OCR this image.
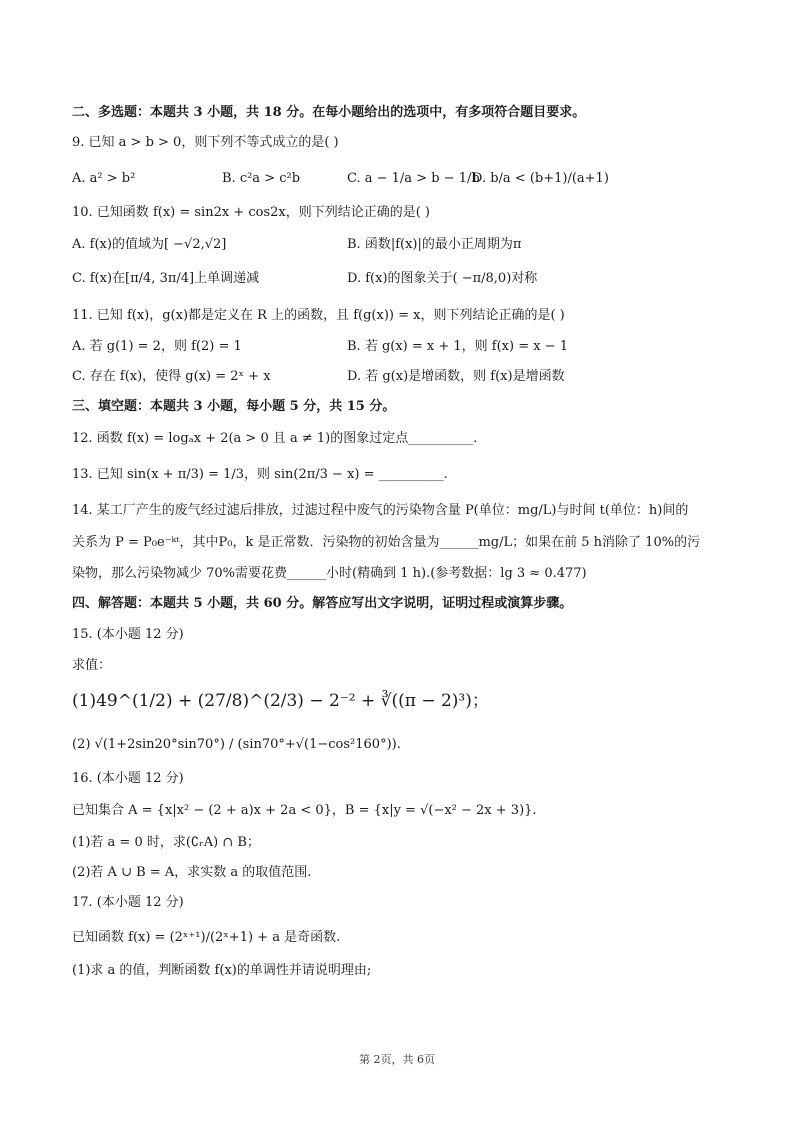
二、多选题：本题共 3 小题，共 18 分。在每小题给出的选项中，有多项符合题目要求。
9. 已知 a > b > 0，则下列不等式成立的是( )
A. a² > b²	B. c²a > c²b	C. a − 1/a > b − 1/b
D. b/a < (b+1)/(a+1)
10. 已知函数 f(x) = sin2x + cos2x，则下列结论正确的是( )
A. f(x)的值域为[ −√2,√2]	B. 函数|f(x)|的最小正周期为π
C. f(x)在[π/4, 3π/4]上单调递减	D. f(x)的图象关于( −π/8,0)对称
11. 已知 f(x)，g(x)都是定义在 R 上的函数，且 f(g(x)) = x，则下列结论正确的是( )
A. 若 g(1) = 2，则 f(2) = 1	B. 若 g(x) = x + 1，则 f(x) = x − 1
C. 存在 f(x)，使得 g(x) = 2ˣ + x	D. 若 g(x)是增函数，则 f(x)是增函数
三、填空题：本题共 3 小题，每小题 5 分，共 15 分。
12. 函数 f(x) = logₐx + 2(a > 0 且 a ≠ 1)的图象过定点__________.
13. 已知 sin(x + π/3) = 1/3，则 sin(2π/3 − x) = __________.
14. 某工厂产生的废气经过滤后排放，过滤过程中废气的污染物含量 P(单位：mg/L)与时间 t(单位：h)间的
关系为 P = P₀e⁻ᵏᵗ，其中P₀，k 是正常数．污染物的初始含量为______mg/L；如果在前 5 h消除了 10%的污
染物，那么污染物减少 70%需要花费______小时(精确到 1 h).(参考数据：lg 3 ≈ 0.477)
四、解答题：本题共 5 小题，共 60 分。解答应写出文字说明，证明过程或演算步骤。
15. (本小题 12 分)
求值：
(1)49^(1/2) + (27/8)^(2/3) − 2⁻² + ∛((π − 2)³)；
(2) √(1+2sin20°sin70°) / (sin70°+√(1−cos²160°)).
16. (本小题 12 分)
已知集合 A = {x|x² − (2 + a)x + 2a < 0}，B = {x|y = √(−x² − 2x + 3)}.
(1)若 a = 0 时，求(∁ᵣA) ∩ B；
(2)若 A ∪ B = A，求实数 a 的取值范围.
17. (本小题 12 分)
已知函数 f(x) = (2ˣ⁺¹)/(2ˣ+1) + a 是奇函数.
(1)求 a 的值，判断函数 f(x)的单调性并请说明理由;
第 2页，共 6页
